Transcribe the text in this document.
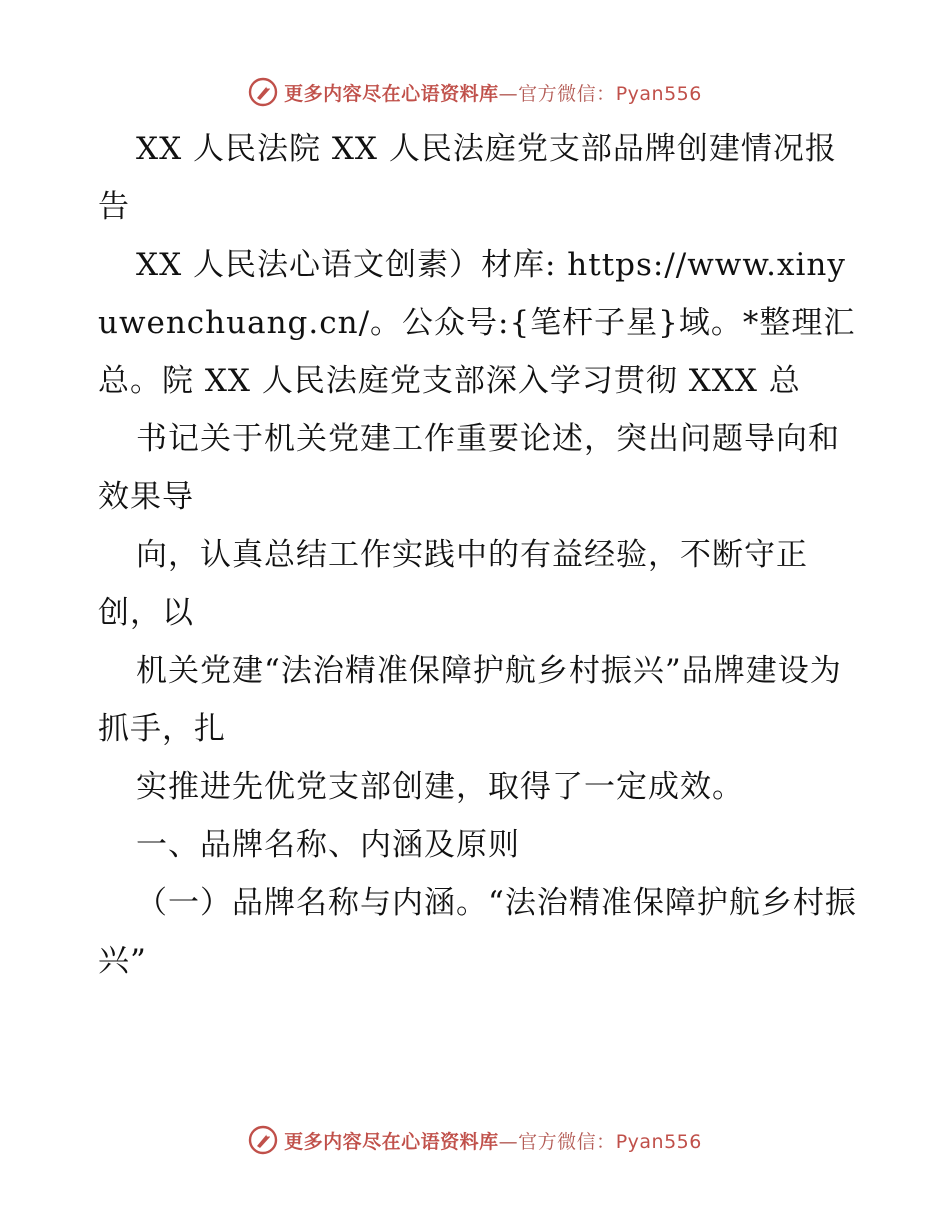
更多内容尽在心语资料库—官方微信：Pyan556

XX 人民法院 XX 人民法庭党支部品牌创建情况报告

XX 人民法心语文创素）材库: https://www.xinyuwenchuang.cn/。公众号:{笔杆子星}域。*整理汇总。院 XX 人民法庭党支部深入学习贯彻 XXX 总

书记关于机关党建工作重要论述，突出问题导向和效果导

向，认真总结工作实践中的有益经验，不断守正创，以

机关党建“法治精准保障护航乡村振兴”品牌建设为抓手，扎

实推进先优党支部创建，取得了一定成效。

一、品牌名称、内涵及原则

（一）品牌名称与内涵。“法治精准保障护航乡村振兴”

更多内容尽在心语资料库—官方微信：Pyan556
